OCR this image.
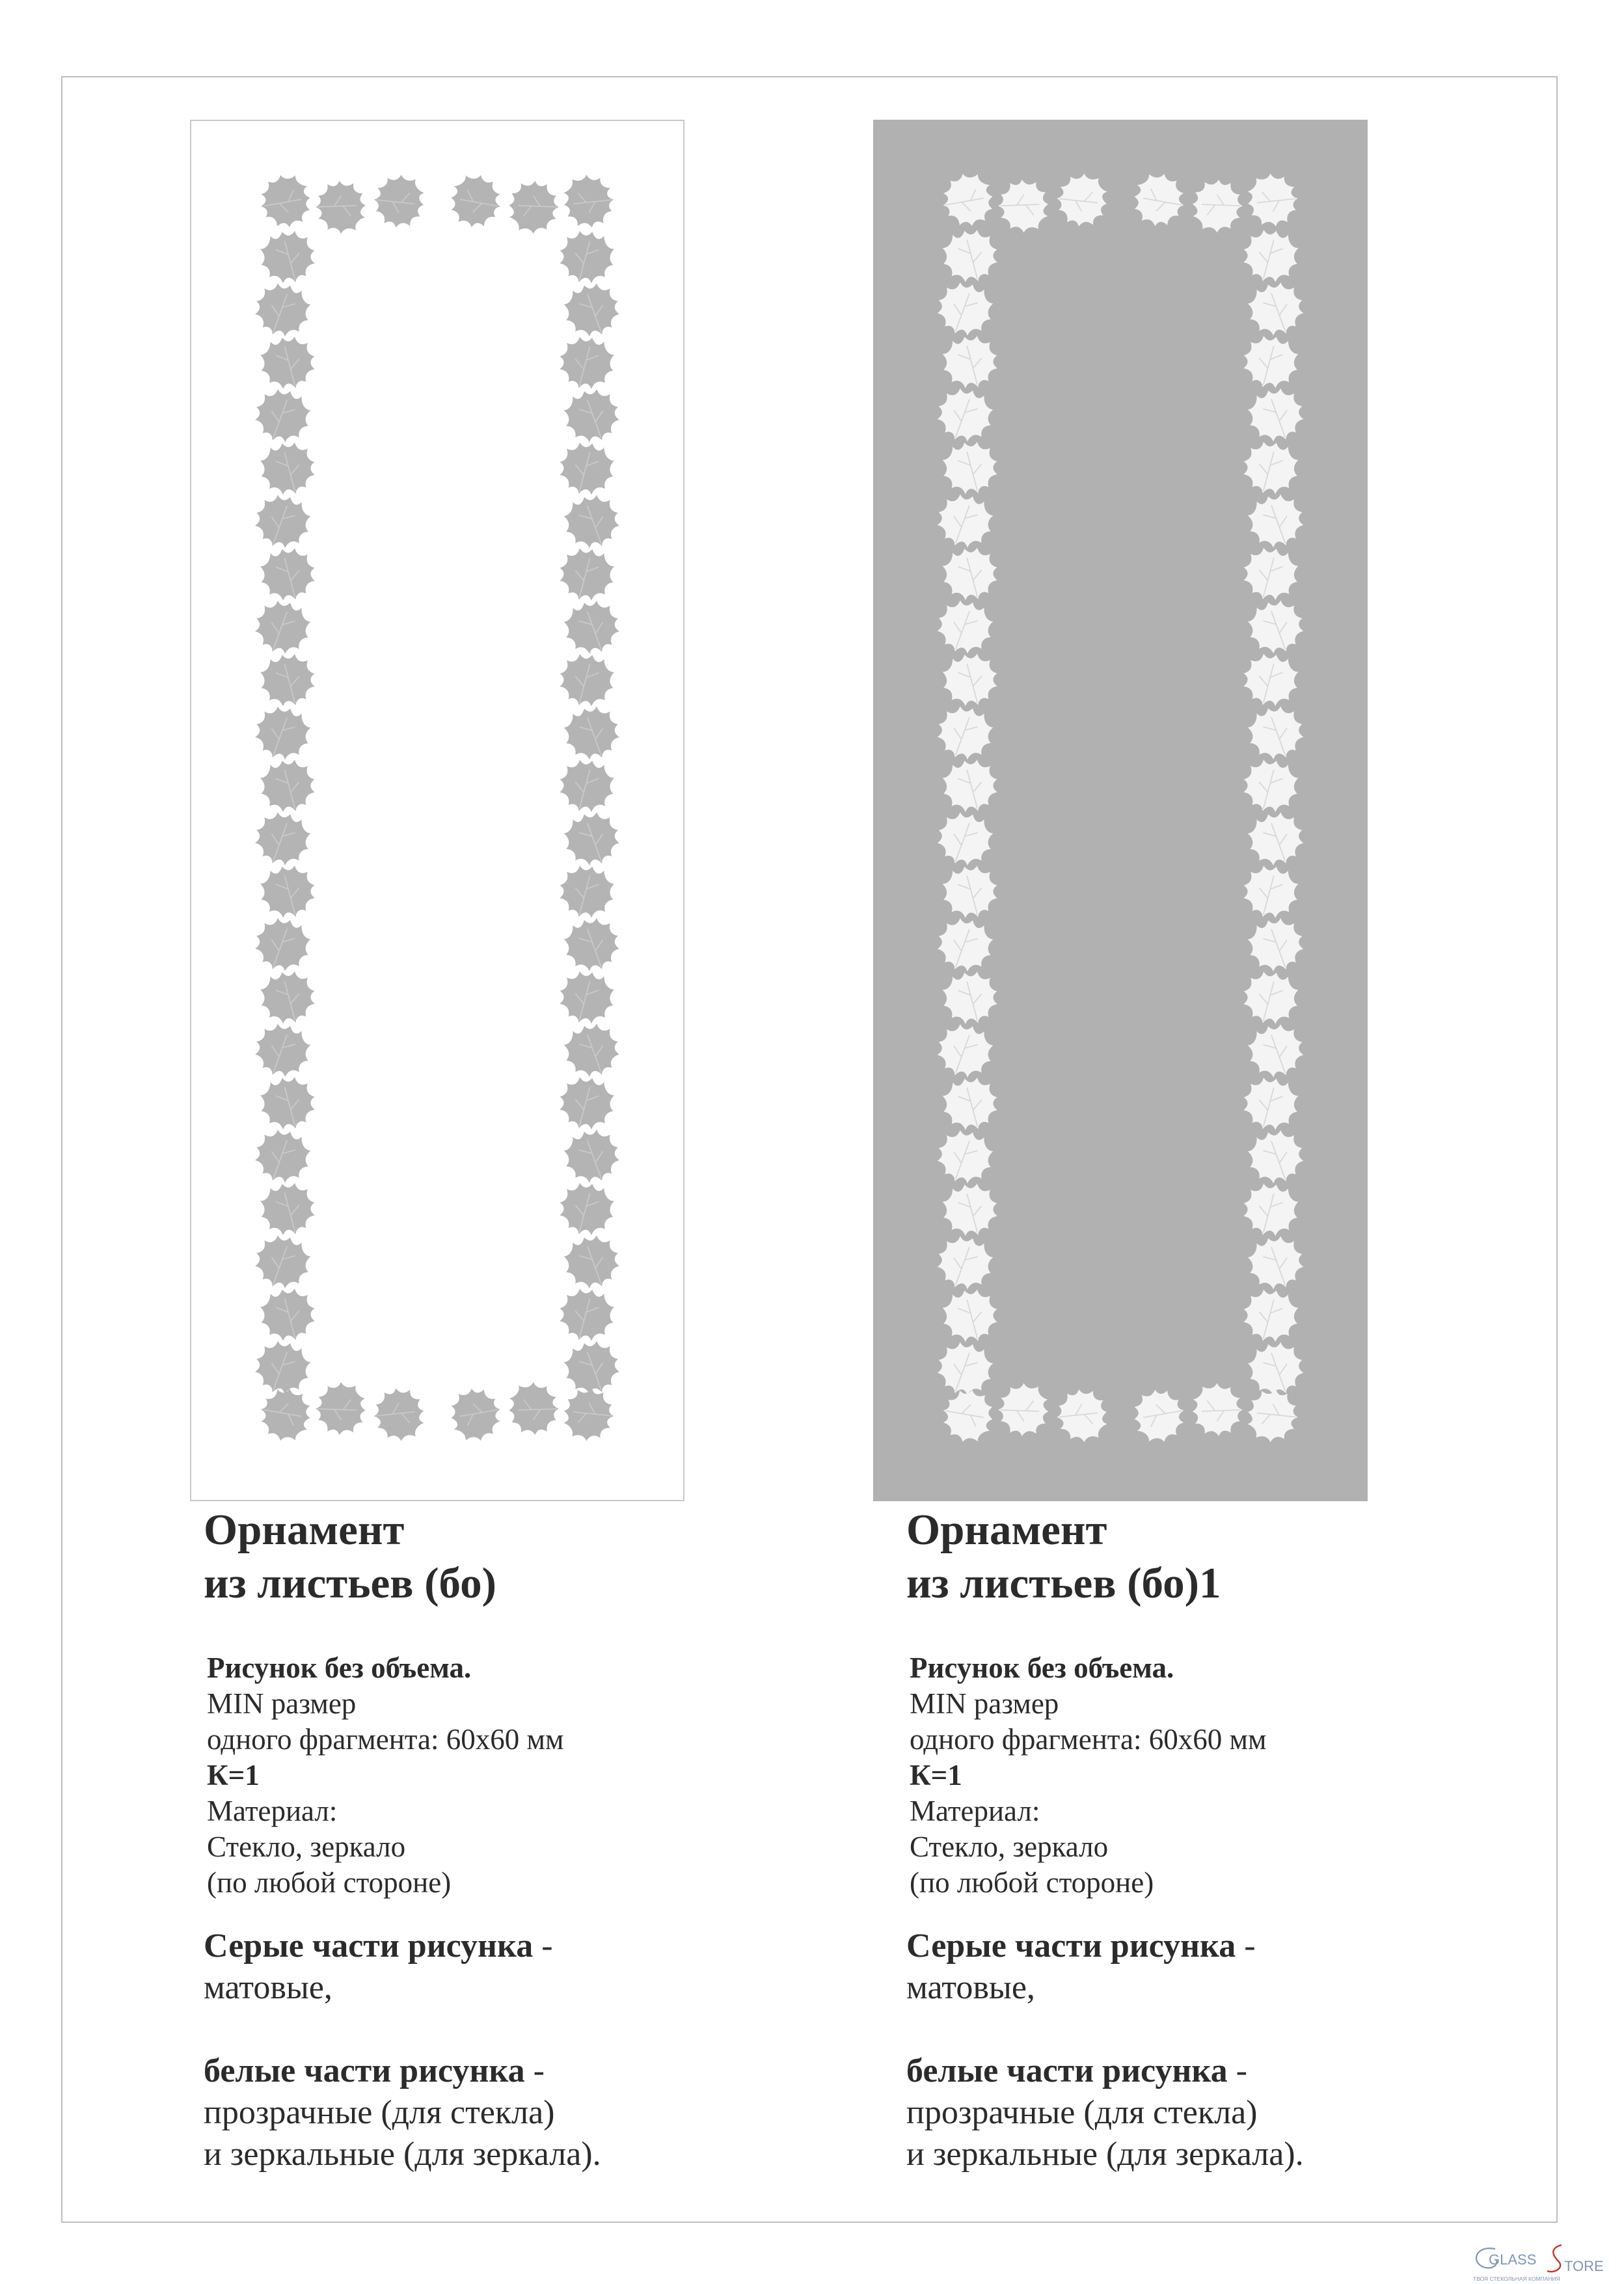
Орнамент
из листьев (бо)
Рисунок без объема.
MIN размер
одного фрагмента: 60х60 мм
К=1
Материал:
Стекло, зеркало
(по любой стороне)
Серые части рисунка -
матовые,
белые части рисунка -
прозрачные (для стекла)
и зеркальные (для зеркала).
Орнамент
из листьев (бо)1
Рисунок без объема.
MIN размер
одного фрагмента: 60х60 мм
К=1
Материал:
Стекло, зеркало
(по любой стороне)
Серые части рисунка -
матовые,
белые части рисунка -
прозрачные (для стекла)
и зеркальные (для зеркала).
GLASS TORE
ТВОЯ СТЕКОЛЬНАЯ КОМПАНИЯ
